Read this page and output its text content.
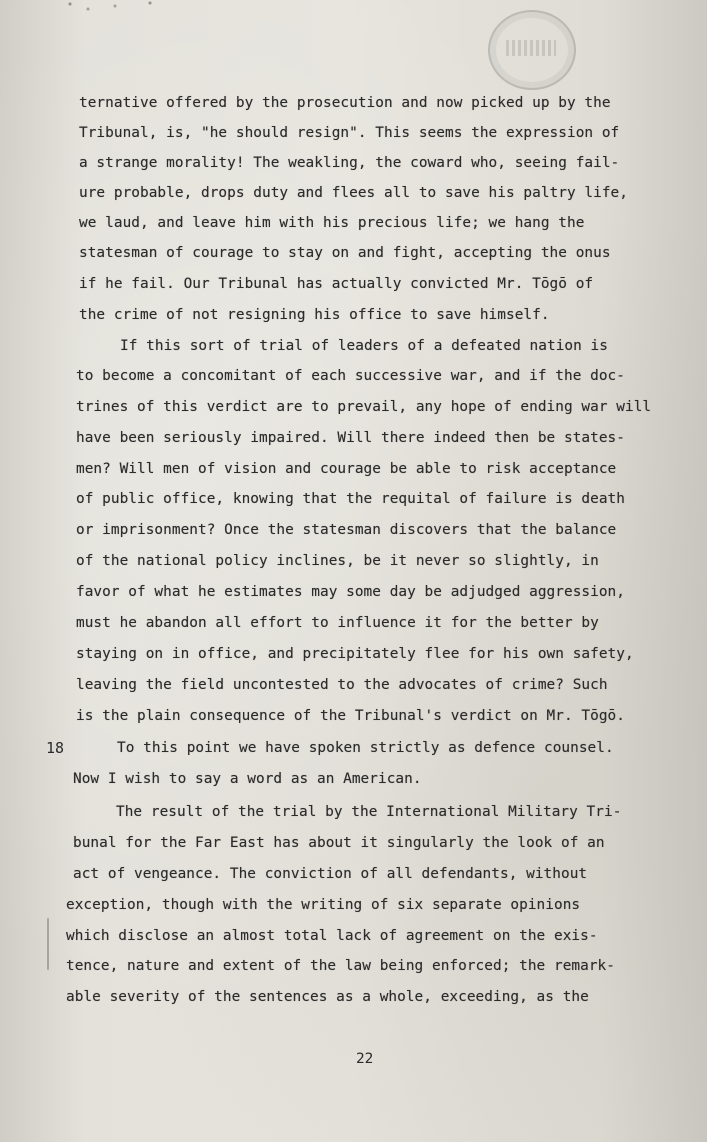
ternative offered by the prosecution and now picked up by the

Tribunal, is, "he should resign". This seems the expression of

a strange morality! The weakling, the coward who, seeing fail-

ure probable, drops duty and flees all to save his paltry life,

we laud, and leave him with his precious life; we hang the

statesman of courage to stay on and fight, accepting the onus

if he fail. Our Tribunal has actually convicted Mr. Tōgō of

the crime of not resigning his office to save himself.

If this sort of trial of leaders of a defeated nation is

to become a concomitant of each successive war, and if the doc-

trines of this verdict are to prevail, any hope of ending war will

have been seriously impaired. Will there indeed then be states-

men? Will men of vision and courage be able to risk acceptance

of public office, knowing that the requital of failure is death

or imprisonment? Once the statesman discovers that the balance

of the national policy inclines, be it never so slightly, in

favor of what he estimates may some day be adjudged aggression,

must he abandon all effort to influence it for the better by

staying on in office, and precipitately flee for his own safety,

leaving the field uncontested to the advocates of crime? Such

is the plain consequence of the Tribunal's verdict on Mr. Tōgō.

18	To this point we have spoken strictly as defence counsel.

Now I wish to say a word as an American.

The result of the trial by the International Military Tri-

bunal for the Far East has about it singularly the look of an

act of vengeance. The conviction of all defendants, without

exception, though with the writing of six separate opinions

which disclose an almost total lack of agreement on the exis-

tence, nature and extent of the law being enforced; the remark-

able severity of the sentences as a whole, exceeding, as the

22
